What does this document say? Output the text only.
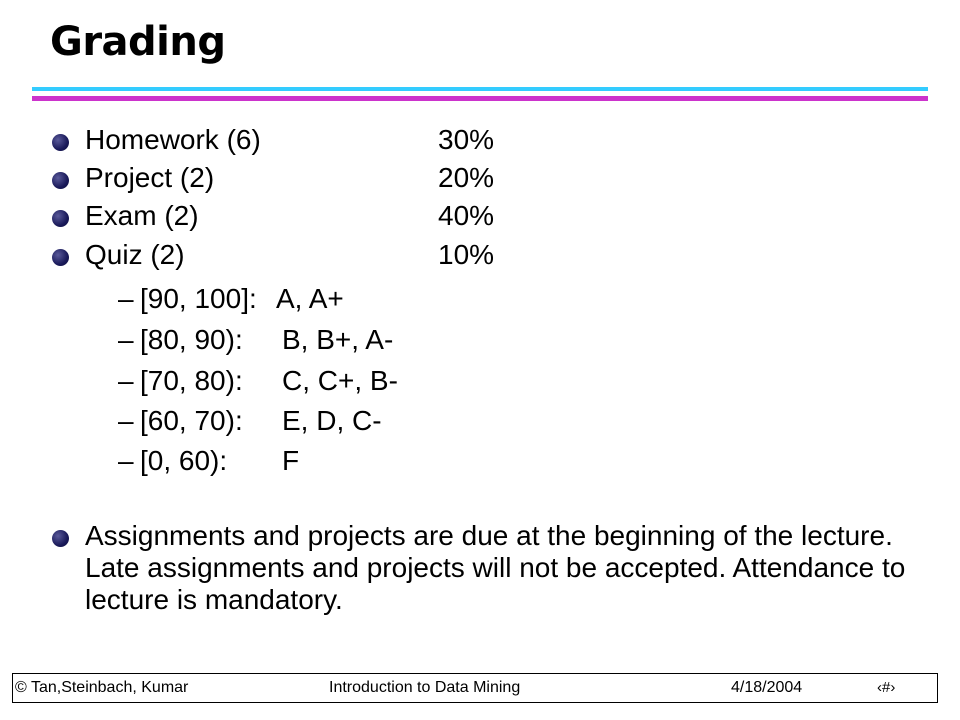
Grading
Homework (6)	30%
Project (2)	20%
Exam (2)	40%
Quiz (2)	10%
– [90, 100]: A, A+
– [80, 90): B, B+, A-
– [70, 80): C, C+, B-
– [60, 70): E, D, C-
– [0, 60): F
Assignments and projects are due at the beginning of the lecture. Late assignments and projects will not be accepted. Attendance to lecture is mandatory.
© Tan,Steinbach, Kumar	Introduction to Data Mining	4/18/2004	‹#›
